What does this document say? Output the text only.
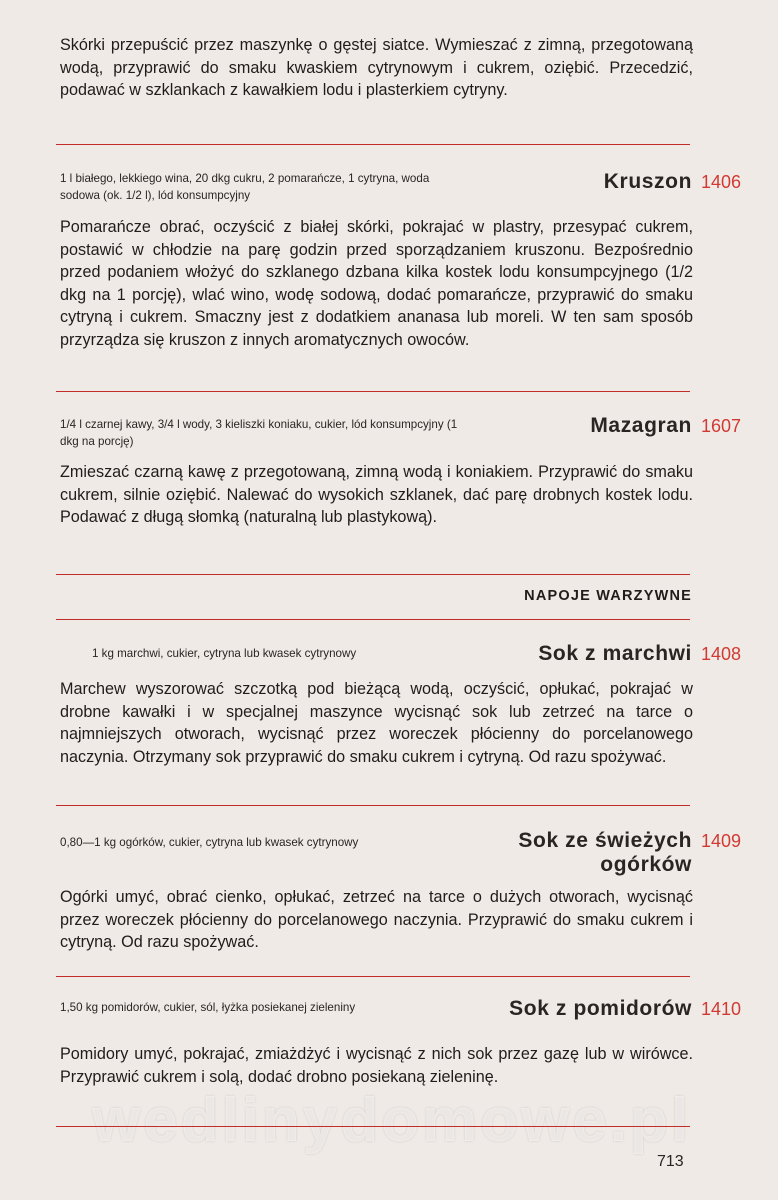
Skórki przepuścić przez maszynkę o gęstej siatce. Wymieszać z zimną, przegotowaną wodą, przyprawić do smaku kwaskiem cytrynowym i cukrem, oziębić. Przecedzić, podawać w szklankach z kawałkiem lodu i plasterkiem cytryny.

1 l białego, lekkiego wina, 20 dkg cukru, 2 pomarańcze, 1 cytryna, woda sodowa (ok. 1/2 l), lód konsumpcyjny

Kruszon 1406

Pomarańcze obrać, oczyścić z białej skórki, pokrajać w plastry, przesypać cukrem, postawić w chłodzie na parę godzin przed sporządzaniem kruszonu. Bezpośrednio przed podaniem włożyć do szklanego dzbana kilka kostek lodu konsumpcyjnego (1/2 dkg na 1 porcję), wlać wino, wodę sodową, dodać pomarańcze, przyprawić do smaku cytryną i cukrem. Smaczny jest z dodatkiem ananasa lub moreli. W ten sam sposób przyrządza się kruszon z innych aromatycznych owoców.

1/4 l czarnej kawy, 3/4 l wody, 3 kieliszki koniaku, cukier, lód konsumpcyjny (1 dkg na porcję)

Mazagran 1607

Zmieszać czarną kawę z przegotowaną, zimną wodą i koniakiem. Przyprawić do smaku cukrem, silnie oziębić. Nalewać do wysokich szklanek, dać parę drobnych kostek lodu. Podawać z długą słomką (naturalną lub plastykową).

NAPOJE WARZYWNE

1 kg marchwi, cukier, cytryna lub kwasek cytrynowy	Sok z marchwi 1408

Marchew wyszorować szczotką pod bieżącą wodą, oczyścić, opłukać, pokrajać w drobne kawałki i w specjalnej maszynce wycisnąć sok lub zetrzeć na tarce o najmniejszych otworach, wycisnąć przez woreczek płócienny do porcelanowego naczynia. Otrzymany sok przyprawić do smaku cukrem i cytryną. Od razu spożywać.

0,80—1 kg ogórków, cukier, cytryna lub kwasek cytrynowy	Sok ze świeżych
ogórków
1409

Ogórki umyć, obrać cienko, opłukać, zetrzeć na tarce o dużych otworach, wycisnąć przez woreczek płócienny do porcelanowego naczynia. Przyprawić do smaku cukrem i cytryną. Od razu spożywać.

1,50 kg pomidorów, cukier, sól, łyżka posiekanej zieleniny	Sok z pomidorów 1410

Pomidory umyć, pokrajać, zmiażdżyć i wycisnąć z nich sok przez gazę lub w wirówce. Przyprawić cukrem i solą, dodać drobno posiekaną zieleninę.

wedlinydomowe.pl
713
